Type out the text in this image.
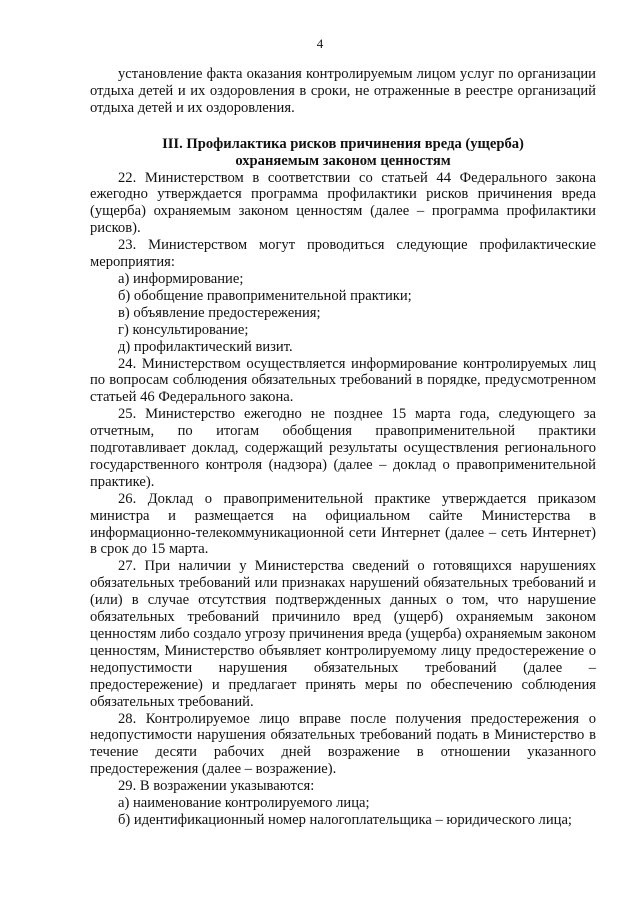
4

установление факта оказания контролируемым лицом услуг по организации отдыха детей и их оздоровления в сроки, не отраженные в реестре организаций отдыха детей и их оздоровления.

III. Профилактика рисков причинения вреда (ущерба)
охраняемым законом ценностям

22. Министерством в соответствии со статьей 44 Федерального закона ежегодно утверждается программа профилактики рисков причинения вреда (ущерба) охраняемым законом ценностям (далее – программа профилактики рисков).

23. Министерством могут проводиться следующие профилактические мероприятия:

а) информирование;

б) обобщение правоприменительной практики;

в) объявление предостережения;

г) консультирование;

д) профилактический визит.

24. Министерством осуществляется информирование контролируемых лиц по вопросам соблюдения обязательных требований в порядке, предусмотренном статьей 46 Федерального закона.

25. Министерство ежегодно не позднее 15 марта года, следующего за отчетным, по итогам обобщения правоприменительной практики подготавливает доклад, содержащий результаты осуществления регионального государственного контроля (надзора) (далее – доклад о правоприменительной практике).

26. Доклад о правоприменительной практике утверждается приказом министра и размещается на официальном сайте Министерства в информационно-телекоммуникационной сети Интернет (далее – сеть Интернет) в срок до 15 марта.

27. При наличии у Министерства сведений о готовящихся нарушениях обязательных требований или признаках нарушений обязательных требований и (или) в случае отсутствия подтвержденных данных о том, что нарушение обязательных требований причинило вред (ущерб) охраняемым законом ценностям либо создало угрозу причинения вреда (ущерба) охраняемым законом ценностям, Министерство объявляет контролируемому лицу предостережение о недопустимости нарушения обязательных требований (далее – предостережение) и предлагает принять меры по обеспечению соблюдения обязательных требований.

28. Контролируемое лицо вправе после получения предостережения о недопустимости нарушения обязательных требований подать в Министерство в течение десяти рабочих дней возражение в отношении указанного предостережения (далее – возражение).

29. В возражении указываются:

а) наименование контролируемого лица;

б) идентификационный номер налогоплательщика – юридического лица;
